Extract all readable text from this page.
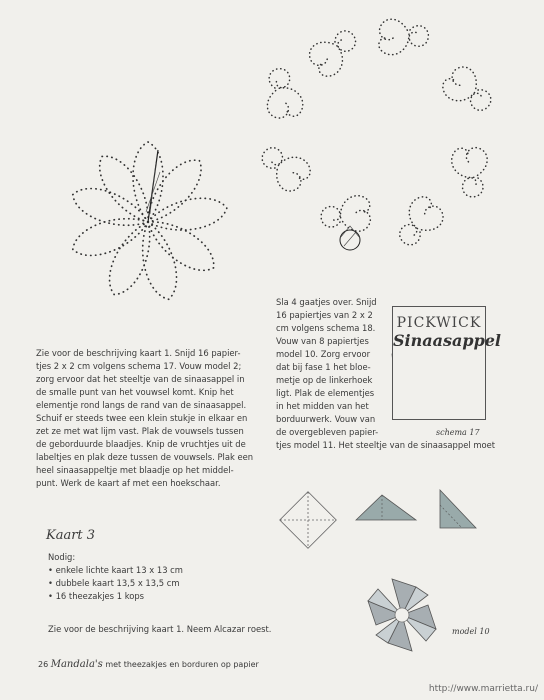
Zie voor de beschrijving kaart 1. Snijd 16 papier-
tjes 2 x 2 cm volgens schema 17. Vouw model 2;
zorg ervoor dat het steeltje van de sinaasappel in
de smalle punt van het vouwsel komt. Knip het
elementje rond langs de rand van de sinaasappel.
Schuif er steeds twee een klein stukje in elkaar en
zet ze met wat lijm vast. Plak de vouwsels tussen
de geborduurde blaadjes. Knip de vruchtjes uit de
labeltjes en plak deze tussen de vouwsels. Plak een
heel sinaasappeltje met blaadje op het middel-
punt. Werk de kaart af met een hoekschaar.
Sla 4 gaatjes over. Snijd
16 papiertjes van 2 x 2
cm volgens schema 18.
Vouw van 8 papiertjes
model 10. Zorg ervoor
dat bij fase 1 het bloe-
metje op de linkerhoek
ligt. Plak de elementjes
in het midden van het
borduurwerk. Vouw van
de overgebleven papier-
tjes model 11. Het steeltje van de sinaasappel moet
PICKWICK
Sinaasappel
schema 17
model 10
Kaart 3
Nodig:
• enkele lichte kaart 13 x 13 cm
• dubbele kaart 13,5 x 13,5 cm
• 16 theezakjes 1 kops
Zie voor de beschrijving kaart 1. Neem Alcazar roest.
26 Mandala's met theezakjes en borduren op papier
http://www.marrietta.ru/
